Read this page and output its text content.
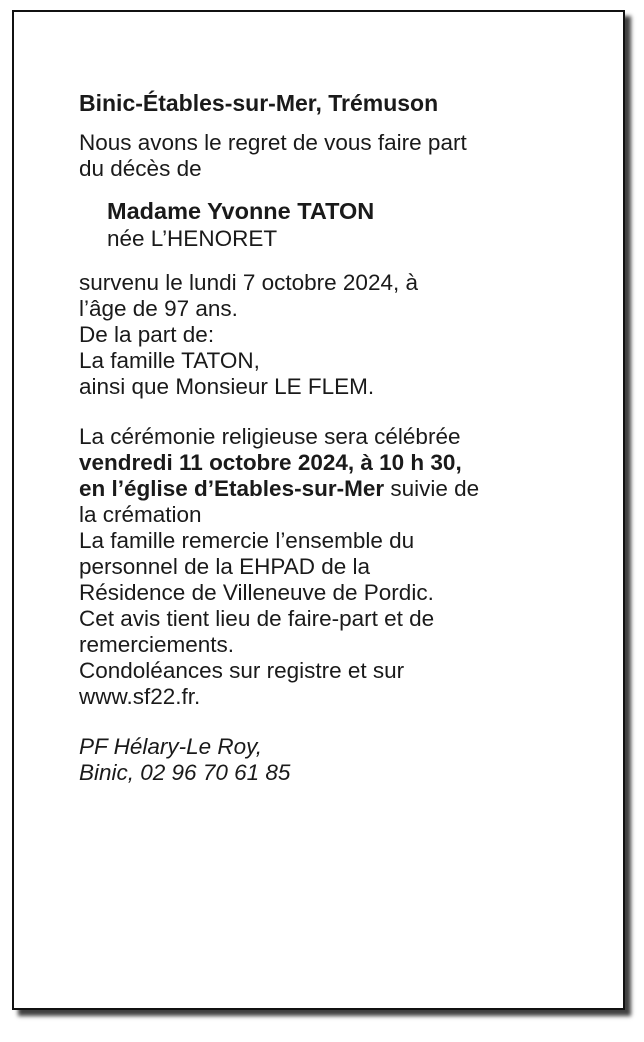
Binic-Étables-sur-Mer, Trémuson
Nous avons le regret de vous faire part
du décès de
Madame Yvonne TATON
née L’HENORET
survenu le lundi 7 octobre 2024, à
l’âge de 97 ans.
De la part de:
La famille TATON,
ainsi que Monsieur LE FLEM.
La cérémonie religieuse sera célébrée
vendredi 11 octobre 2024, à 10 h 30,
en l’église d’Etables-sur-Mer suivie de
la crémation
La famille remercie l’ensemble du
personnel de la EHPAD de la
Résidence de Villeneuve de Pordic.
Cet avis tient lieu de faire-part et de
remerciements.
Condoléances sur registre et sur
www.sf22.fr.
PF Hélary-Le Roy,
Binic, 02 96 70 61 85
